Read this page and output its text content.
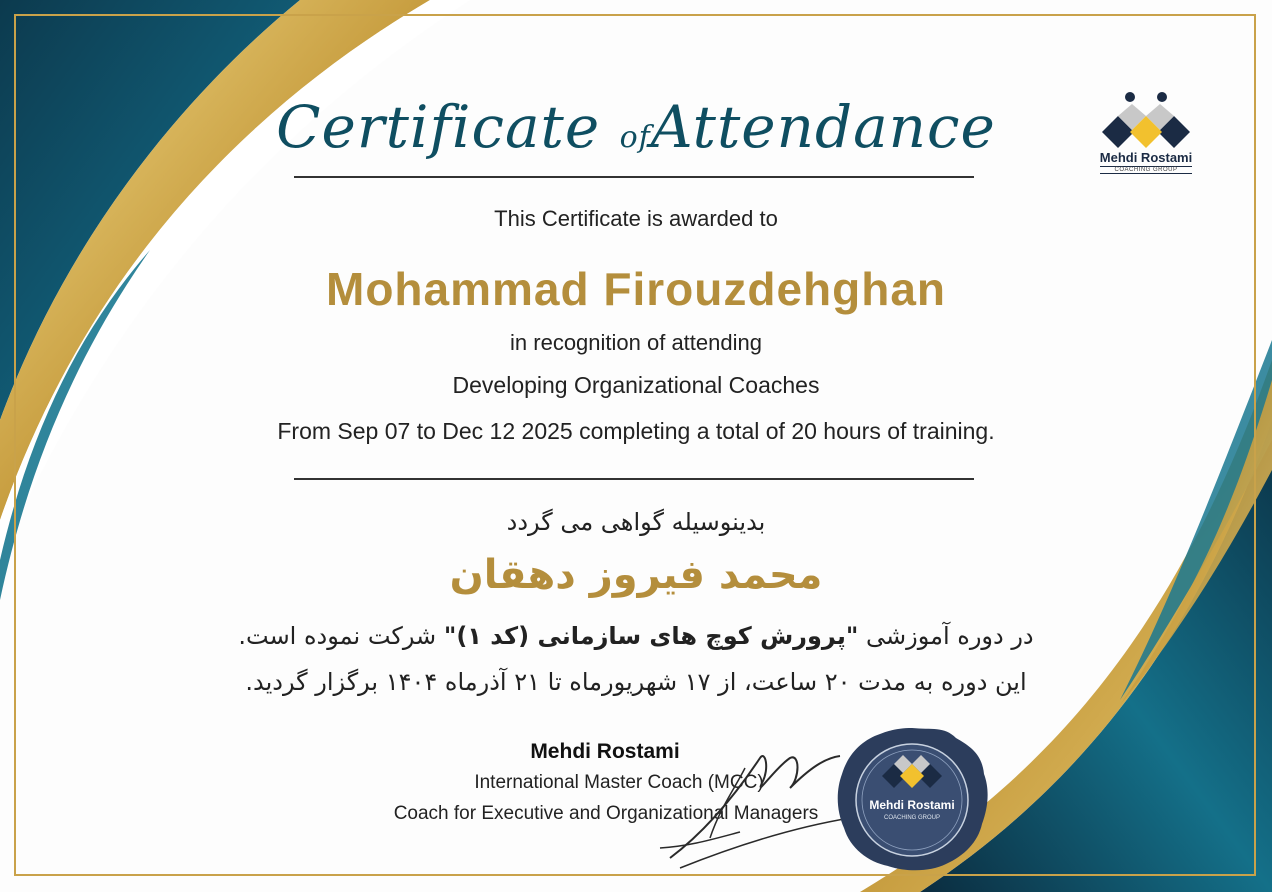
Mehdi Rostami
COACHING GROUP
Certificate ofAttendance
This Certificate is awarded to
Mohammad Firouzdehghan
in recognition of attending
Developing Organizational Coaches
From Sep 07 to Dec 12 2025 completing a total of 20 hours of training.
بدینوسیله گواهی می گردد
محمد فیروز دهقان
در دوره آموزشی "پرورش کوچ های سازمانی (کد ۱)" شرکت نموده است.
این دوره به مدت ۲۰ ساعت، از ۱۷ شهریورماه تا ۲۱ آذرماه ۱۴۰۴ برگزار گردید.
Mehdi Rostami
International Master Coach (MCC)
Coach for Executive and Organizational Managers	Mehdi Rostami
COACHING GROUP
